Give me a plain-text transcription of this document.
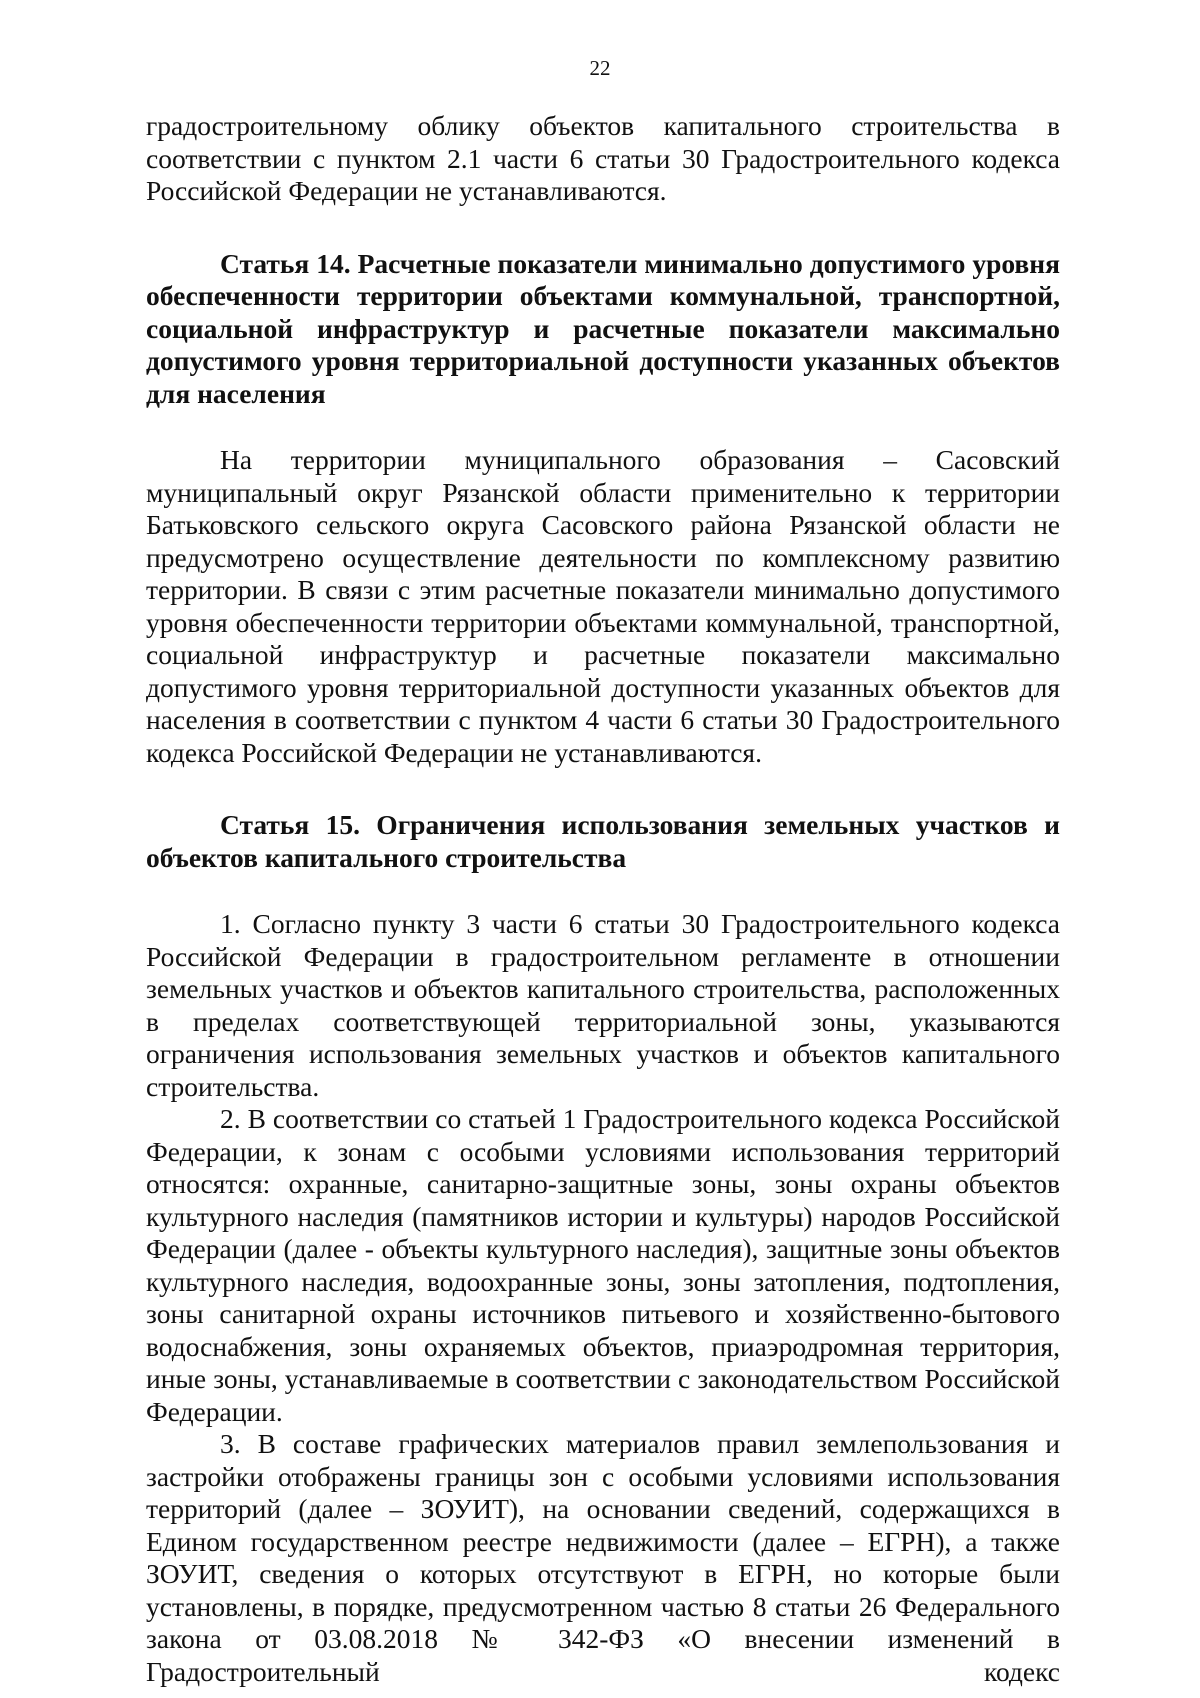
22

градостроительному облику объектов капитального строительства в соответствии с пунктом 2.1 части 6 статьи 30 Градостроительного кодекса Российской Федерации не устанавливаются.

Статья 14. Расчетные показатели минимально допустимого уровня обеспеченности территории объектами коммунальной, транспортной, социальной инфраструктур и расчетные показатели максимально допустимого уровня территориальной доступности указанных объектов для населения

На территории муниципального образования – Сасовский муниципальный округ Рязанской области применительно к территории Батьковского сельского округа Сасовского района Рязанской области не предусмотрено осуществление деятельности по комплексному развитию территории. В связи с этим расчетные показатели минимально допустимого уровня обеспеченности территории объектами коммунальной, транспортной, социальной инфраструктур и расчетные показатели максимально допустимого уровня территориальной доступности указанных объектов для населения в соответствии с пунктом 4 части 6 статьи 30 Градостроительного кодекса Российской Федерации не устанавливаются.

Статья 15. Ограничения использования земельных участков и объектов капитального строительства

1. Согласно пункту 3 части 6 статьи 30 Градостроительного кодекса Российской Федерации в градостроительном регламенте в отношении земельных участков и объектов капитального строительства, расположенных в пределах соответствующей территориальной зоны, указываются ограничения использования земельных участков и объектов капитального строительства.

2. В соответствии со статьей 1 Градостроительного кодекса Российской Федерации, к зонам с особыми условиями использования территорий относятся: охранные, санитарно-защитные зоны, зоны охраны объектов культурного наследия (памятников истории и культуры) народов Российской Федерации (далее - объекты культурного наследия), защитные зоны объектов культурного наследия, водоохранные зоны, зоны затопления, подтопления, зоны санитарной охраны источников питьевого и хозяйственно-бытового водоснабжения, зоны охраняемых объектов, приаэродромная территория, иные зоны, устанавливаемые в соответствии с законодательством Российской Федерации.

3. В составе графических материалов правил землепользования и застройки отображены границы зон с особыми условиями использования территорий (далее – ЗОУИТ), на основании сведений, содержащихся в Едином государственном реестре недвижимости (далее – ЕГРН), а также ЗОУИТ, сведения о которых отсутствуют в ЕГРН, но которые были установлены, в порядке, предусмотренном частью 8 статьи 26 Федерального закона от 03.08.2018 № 342-ФЗ «О внесении изменений в Градостроительный кодекс
